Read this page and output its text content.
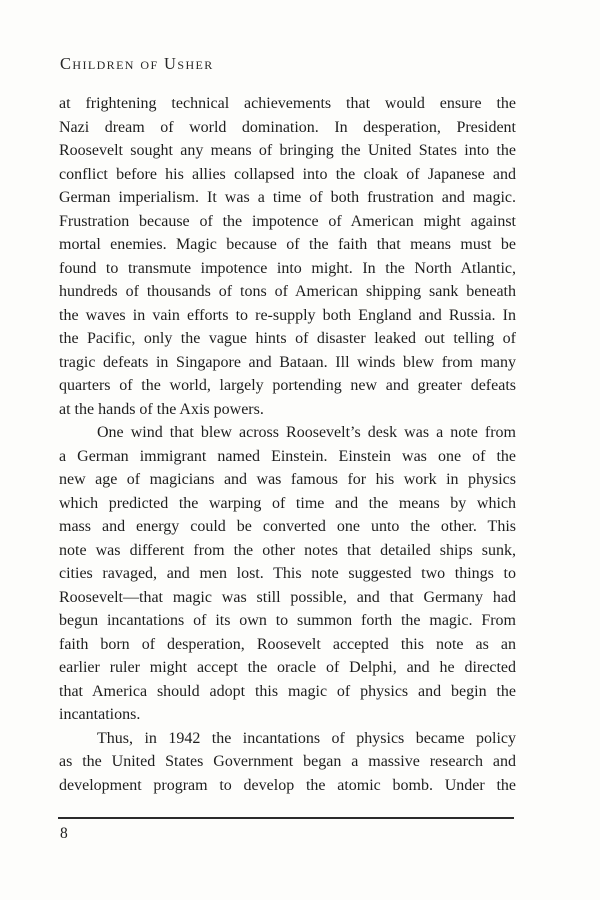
Children of Usher
at frightening technical achievements that would ensure the
Nazi dream of world domination. In desperation, President
Roosevelt sought any means of bringing the United States into the
conflict before his allies collapsed into the cloak of Japanese and
German imperialism. It was a time of both frustration and magic.
Frustration because of the impotence of American might against
mortal enemies. Magic because of the faith that means must be
found to transmute impotence into might. In the North Atlantic,
hundreds of thousands of tons of American shipping sank beneath
the waves in vain efforts to re-supply both England and Russia. In
the Pacific, only the vague hints of disaster leaked out telling of
tragic defeats in Singapore and Bataan. Ill winds blew from many
quarters of the world, largely portending new and greater defeats
at the hands of the Axis powers.
One wind that blew across Roosevelt’s desk was a note from
a German immigrant named Einstein. Einstein was one of the
new age of magicians and was famous for his work in physics
which predicted the warping of time and the means by which
mass and energy could be converted one unto the other. This
note was different from the other notes that detailed ships sunk,
cities ravaged, and men lost. This note suggested two things to
Roosevelt—that magic was still possible, and that Germany had
begun incantations of its own to summon forth the magic. From
faith born of desperation, Roosevelt accepted this note as an
earlier ruler might accept the oracle of Delphi, and he directed
that America should adopt this magic of physics and begin the
incantations.
Thus, in 1942 the incantations of physics became policy
as the United States Government began a massive research and
development program to develop the atomic bomb. Under the
8
